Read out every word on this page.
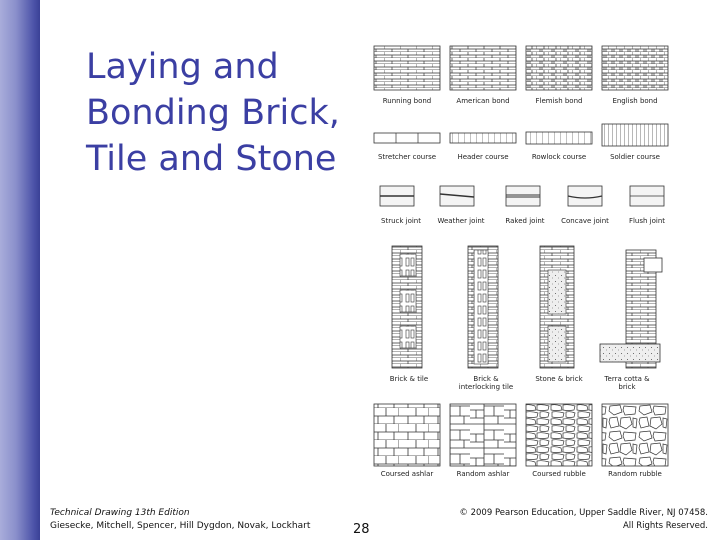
Laying and
Bonding Brick,
Tile and Stone
Running bond	American bond	Flemish bond	English bond
Stretcher course	Header course	Rowlock course	Soldier course
Struck joint	Weather joint	Raked joint	Concave joint	Flush joint
Brick & tile	Brick & interlocking tile
Stone & brick	Terra cotta & brick
Coursed ashlar	Random ashlar	Coursed rubble	Random rubble
Technical Drawing 13th Edition
Giesecke, Mitchell, Spencer, Hill Dygdon, Novak, Lockhart	28
© 2009 Pearson Education, Upper Saddle River, NJ 07458.
All Rights Reserved.
